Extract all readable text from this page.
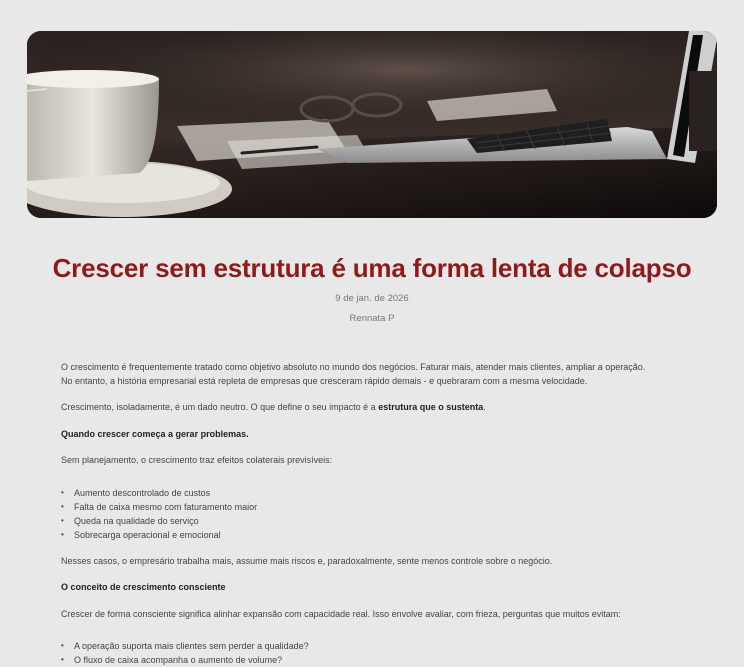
Crescer sem estrutura é uma forma lenta de colapso
9 de jan. de 2026
Rennata P

O crescimento é frequentemente tratado como objetivo absoluto no mundo dos negócios. Faturar mais, atender mais clientes, ampliar a operação.
No entanto, a história empresarial está repleta de empresas que cresceram rápido demais - e quebraram com a mesma velocidade.

Crescimento, isoladamente, é um dado neutro. O que define o seu impacto é a estrutura que o sustenta.

Quando crescer começa a gerar problemas.

Sem planejamento, o crescimento traz efeitos colaterais previsíveis:

• Aumento descontrolado de custos
• Falta de caixa mesmo com faturamento maior
• Queda na qualidade do serviço
• Sobrecarga operacional e emocional

Nesses casos, o empresário trabalha mais, assume mais riscos e, paradoxalmente, sente menos controle sobre o negócio.

O conceito de crescimento consciente

Crescer de forma consciente significa alinhar expansão com capacidade real. Isso envolve avaliar, com frieza, perguntas que muitos evitam:

• A operação suporta mais clientes sem perder a qualidade?
• O fluxo de caixa acompanha o aumento de volume?
